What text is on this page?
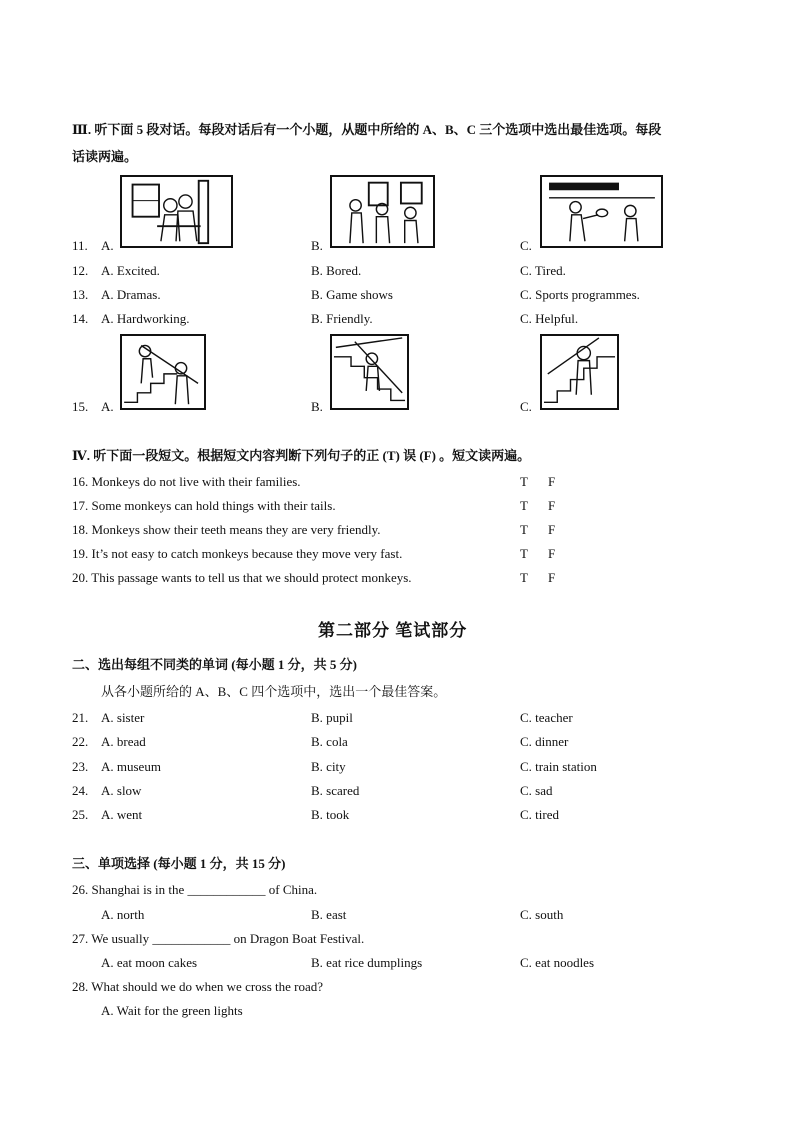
Ⅲ. 听下面 5 段对话。每段对话后有一个小题，从题中所给的 A、B、C 三个选项中选出最佳选项。每段
话读两遍。
11. A.	B.	C.
12. A. Excited.	B. Bored.	C. Tired.
13. A. Dramas.	B. Game shows	C. Sports programmes.
14. A. Hardworking.	B. Friendly.	C. Helpful.
15. A.	B.	C.
Ⅳ. 听下面一段短文。根据短文内容判断下列句子的正 (T) 误 (F) 。短文读两遍。
16. Monkeys do not live with their families.	T F
17. Some monkeys can hold things with their tails.	T F
18. Monkeys show their teeth means they are very friendly.	T F
19. It’s not easy to catch monkeys because they move very fast.	T F
20. This passage wants to tell us that we should protect monkeys.	T F
第二部分 笔试部分
二、选出每组不同类的单词 (每小题 1 分，共 5 分)
从各小题所给的 A、B、C 四个选项中，选出一个最佳答案。
21. A. sister	B. pupil	C. teacher
22. A. bread	B. cola	C. dinner
23. A. museum	B. city	C. train station
24. A. slow	B. scared	C. sad
25. A. went	B. took	C. tired
三、单项选择 (每小题 1 分，共 15 分)
26. Shanghai is in the ____________ of China.
A. north	B. east	C. south
27. We usually ____________ on Dragon Boat Festival.
A. eat moon cakes	B. eat rice dumplings	C. eat noodles
28. What should we do when we cross the road?
A. Wait for the green lights
